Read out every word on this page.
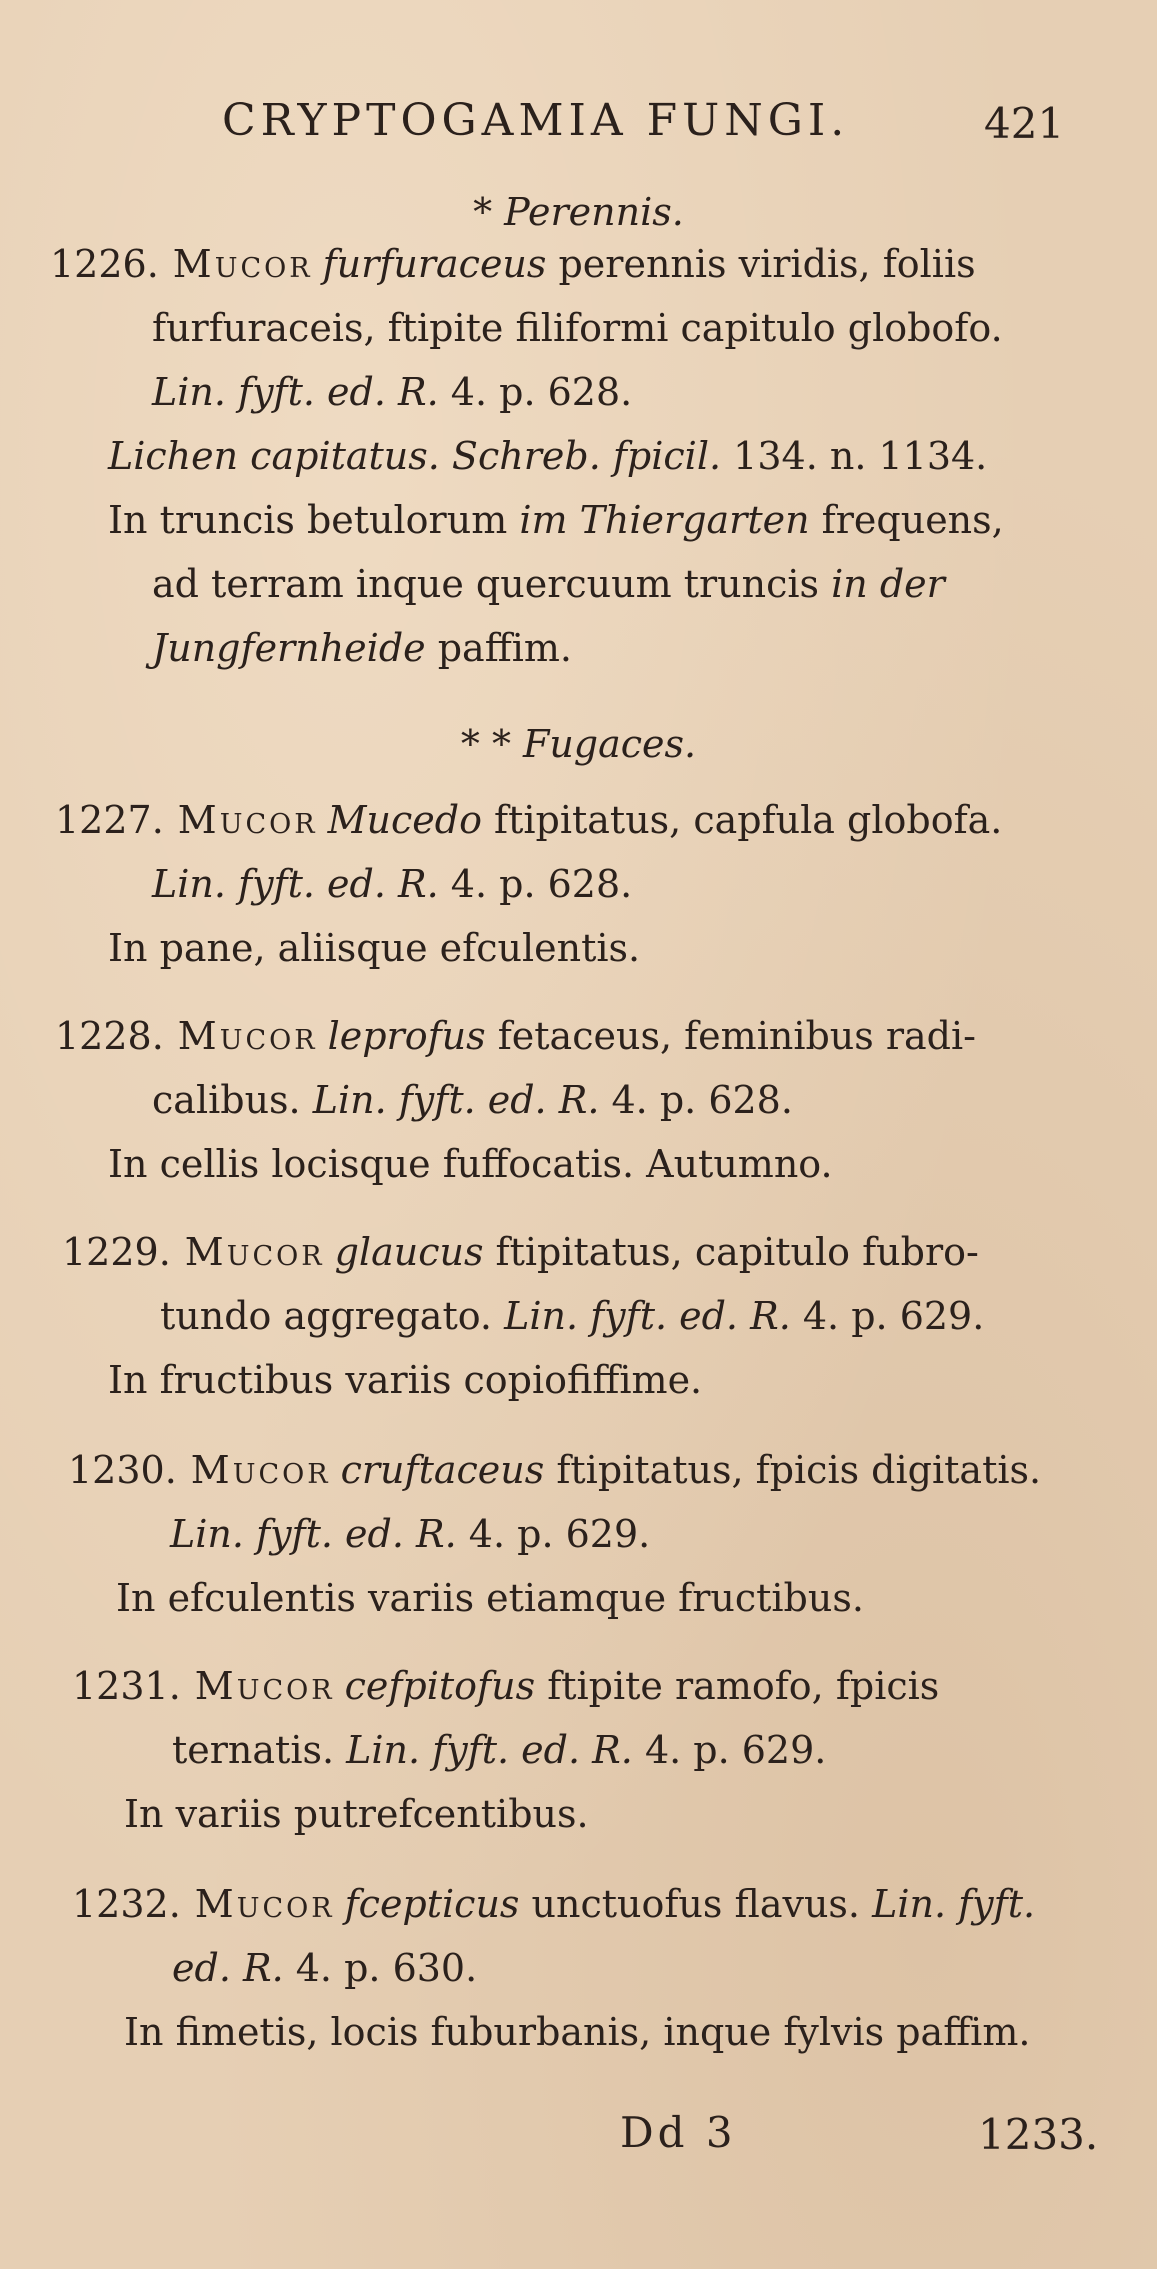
CRYPTOGAMIA FUNGI.	421
* Perennis.
1226. Mucor furfuraceus perennis viridis, foliis
furfuraceis, ftipite filiformi capitulo globofo.
Lin. fyft. ed. R. 4. p. 628.
Lichen capitatus. Schreb. fpicil. 134. n. 1134.
In truncis betulorum im Thiergarten frequens,
ad terram inque quercuum truncis in der
Jungfernheide paffim.
* * Fugaces.
1227. Mucor Mucedo ftipitatus, capfula globofa.
Lin. fyft. ed. R. 4. p. 628.
In pane, aliisque efculentis.
1228. Mucor leprofus fetaceus, feminibus radi-
calibus. Lin. fyft. ed. R. 4. p. 628.
In cellis locisque fuffocatis. Autumno.
1229. Mucor glaucus ftipitatus, capitulo fubro-
tundo aggregato. Lin. fyft. ed. R. 4. p. 629.
In fructibus variis copiofiffime.
1230. Mucor cruftaceus ftipitatus, fpicis digitatis.
Lin. fyft. ed. R. 4. p. 629.
In efculentis variis etiamque fructibus.
1231. Mucor cefpitofus ftipite ramofo, fpicis
ternatis. Lin. fyft. ed. R. 4. p. 629.
In variis putrefcentibus.
1232. Mucor fcepticus unctuofus flavus. Lin. fyft.
ed. R. 4. p. 630.
In fimetis, locis fuburbanis, inque fylvis paffim.
Dd 3	1233.
